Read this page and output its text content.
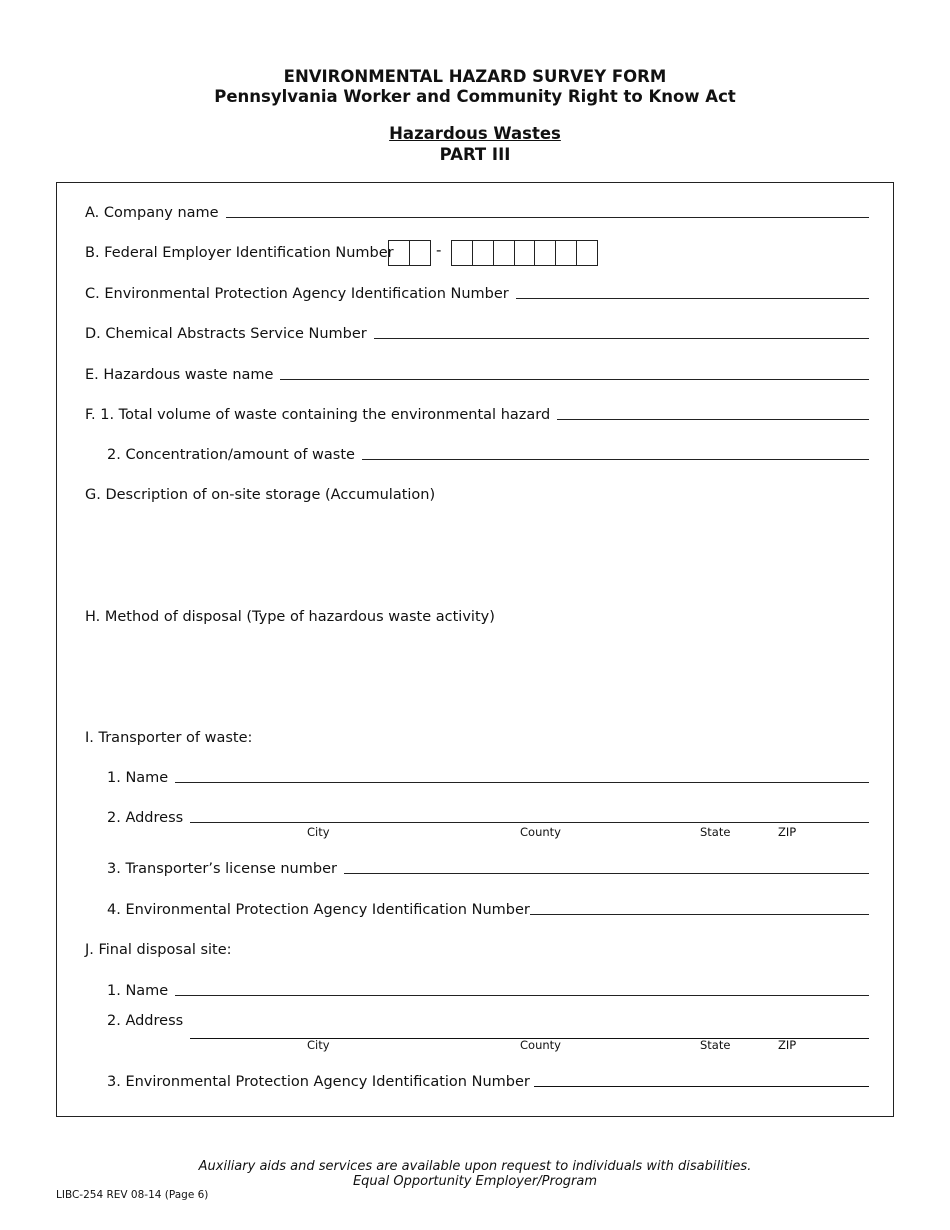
ENVIRONMENTAL HAZARD SURVEY FORM
Pennsylvania Worker and Community Right to Know Act
Hazardous Wastes
PART III
A. Company name
B. Federal Employer Identification Number	-
C. Environmental Protection Agency Identification Number
D. Chemical Abstracts Service Number
E. Hazardous waste name
F. 1. Total volume of waste containing the environmental hazard
2. Concentration/amount of waste
G. Description of on-site storage (Accumulation)
H. Method of disposal (Type of hazardous waste activity)
I. Transporter of waste:
1. Name
2. Address
City	County	State	ZIP
3. Transporter’s license number
4. Environmental Protection Agency Identification Number
J. Final disposal site:
1. Name
2. Address
City	County	State	ZIP
3. Environmental Protection Agency Identification Number
Auxiliary aids and services are available upon request to individuals with disabilities.
Equal Opportunity Employer/Program
LIBC-254 REV 08-14 (Page 6)
